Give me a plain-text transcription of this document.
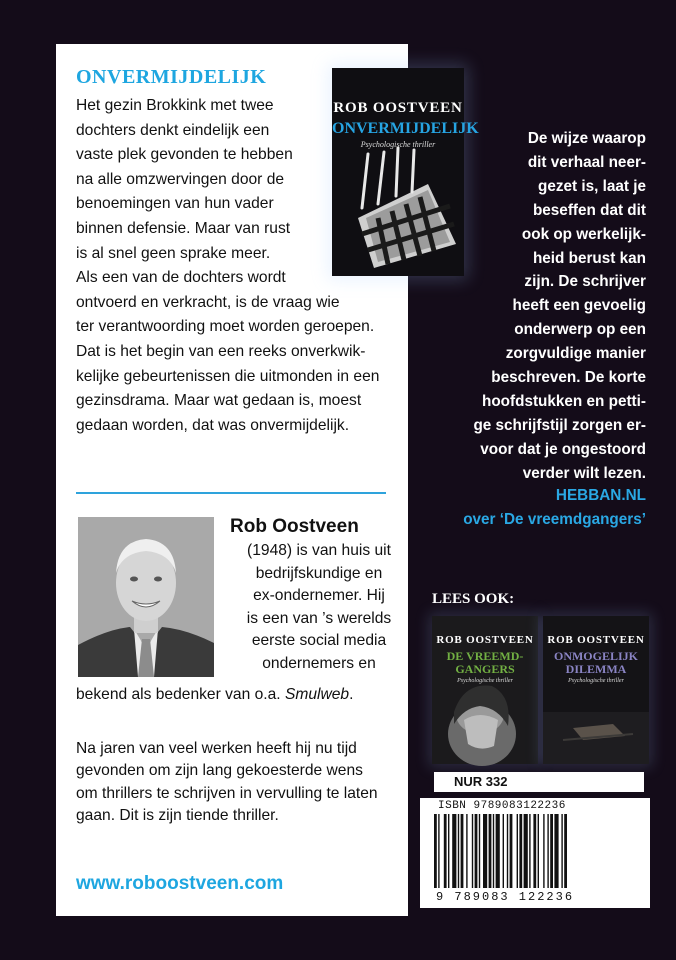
ONVERMIJDELIJK

Het gezin Brokkink met twee
dochters denkt eindelijk een
vaste plek gevonden te hebben
na alle omzwervingen door de
benoemingen van hun vader
binnen defensie. Maar van rust
is al snel geen sprake meer.
Als een van de dochters wordt
ontvoerd en verkracht, is de vraag wie
ter verantwoording moet worden geroepen.
Dat is het begin van een reeks onverkwik-
kelijke gebeurtenissen die uitmonden in een
gezinsdrama. Maar wat gedaan is, moest
gedaan worden, dat was onvermijdelijk.

Rob Oostveen

(1948) is van huis uit
bedrijfskundige en
ex-ondernemer. Hij
is een van ’s werelds
eerste social media
ondernemers en

bekend als bedenker van o.a. Smulweb.

Na jaren van veel werken heeft hij nu tijd
gevonden om zijn lang gekoesterde wens
om thrillers te schrijven in vervulling te laten
gaan. Dit is zijn tiende thriller.

www.roboostveen.com

ROB OOSTVEEN
ONVERMIJDELIJK
Psychologische thriller	De wijze waarop
dit verhaal neer-
gezet is, laat je
beseffen dat dit
ook op werkelijk-
heid berust kan
zijn. De schrijver
heeft een gevoelig
onderwerp op een
zorgvuldige manier
beschreven. De korte
hoofdstukken en petti-
ge schrijfstijl zorgen er-
voor dat je ongestoord
verder wilt lezen.

HEBBAN.NL
over ‘De vreemdgangers’

LEES OOK:

ROB OOSTVEEN
DE VREEMD-
GANGERS
Psychologische thriller
ROB OOSTVEEN
ONMOGELIJK
DILEMMA
Psychologische thriller
NUR 332
ISBN 9789083122236
9 789083 122236
